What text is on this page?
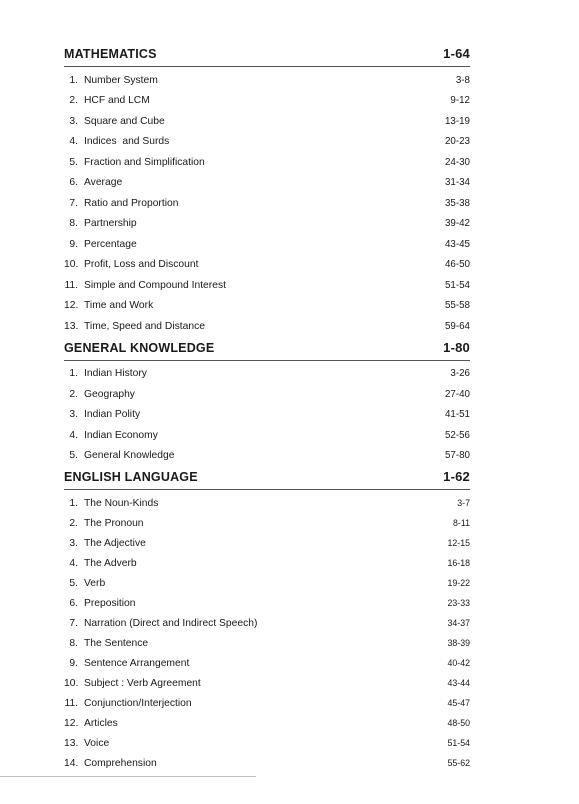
MATHEMATICS	1-64
1. Number System	3-8
2. HCF and LCM	9-12
3. Square and Cube	13-19
4. Indices  and Surds	20-23
5. Fraction and Simplification	24-30
6. Average	31-34
7. Ratio and Proportion	35-38
8. Partnership	39-42
9. Percentage	43-45
10. Profit, Loss and Discount	46-50
11. Simple and Compound Interest	51-54
12. Time and Work	55-58
13. Time, Speed and Distance	59-64
GENERAL KNOWLEDGE	1-80
1. Indian History	3-26
2. Geography	27-40
3. Indian Polity	41-51
4. Indian Economy	52-56
5. General Knowledge	57-80
ENGLISH LANGUAGE	1-62
1. The Noun-Kinds	3-7
2. The Pronoun	8-11
3. The Adjective	12-15
4. The Adverb	16-18
5. Verb	19-22
6. Preposition	23-33
7. Narration (Direct and Indirect Speech)	34-37
8. The Sentence	38-39
9. Sentence Arrangement	40-42
10. Subject : Verb Agreement	43-44
11. Conjunction/Interjection	45-47
12. Articles	48-50
13. Voice	51-54
14. Comprehension	55-62
